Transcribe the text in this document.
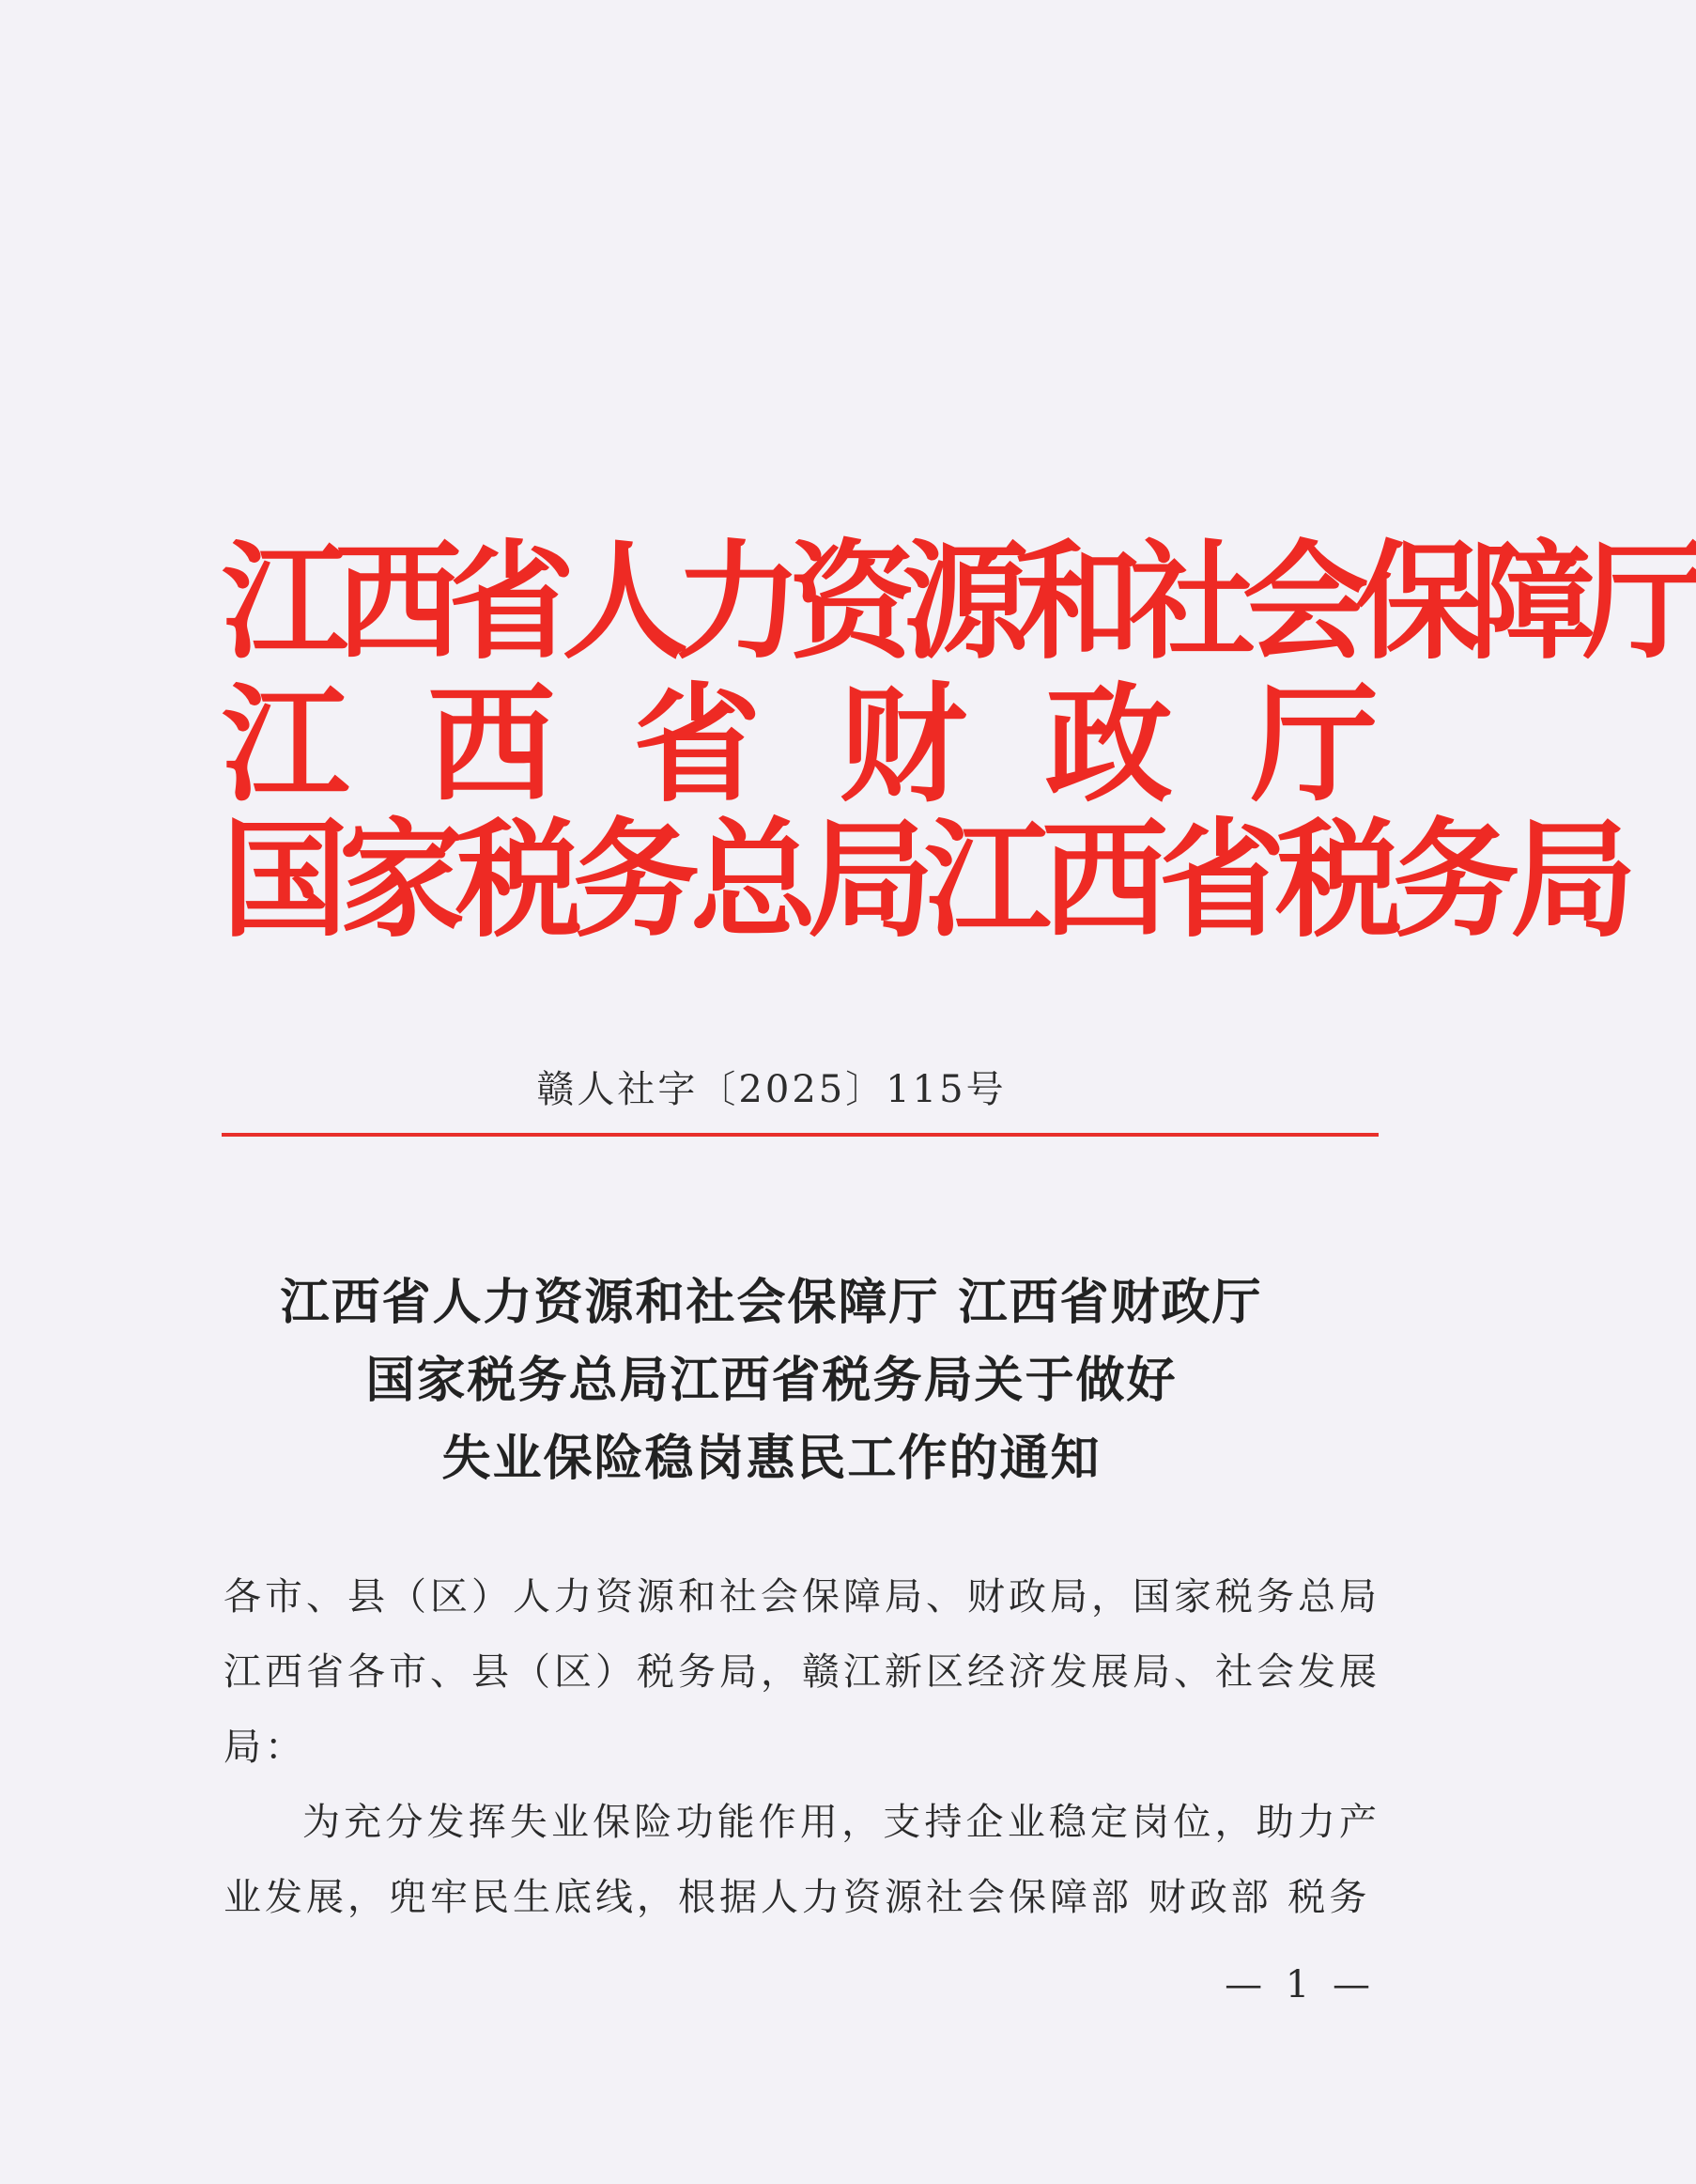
江西省人力资源和社会保障厅
江 西 省 财 政 厅
国家税务总局江西省税务局
赣人社字〔2025〕115号
江西省人力资源和社会保障厅 江西省财政厅
国家税务总局江西省税务局关于做好
失业保险稳岗惠民工作的通知
各市、县（区）人力资源和社会保障局、财政局，国家税务总局江西省各市、县（区）税务局，赣江新区经济发展局、社会发展局：
为充分发挥失业保险功能作用，支持企业稳定岗位，助力产业发展，兜牢民生底线，根据人力资源社会保障部 财政部 税务
— 1 —
